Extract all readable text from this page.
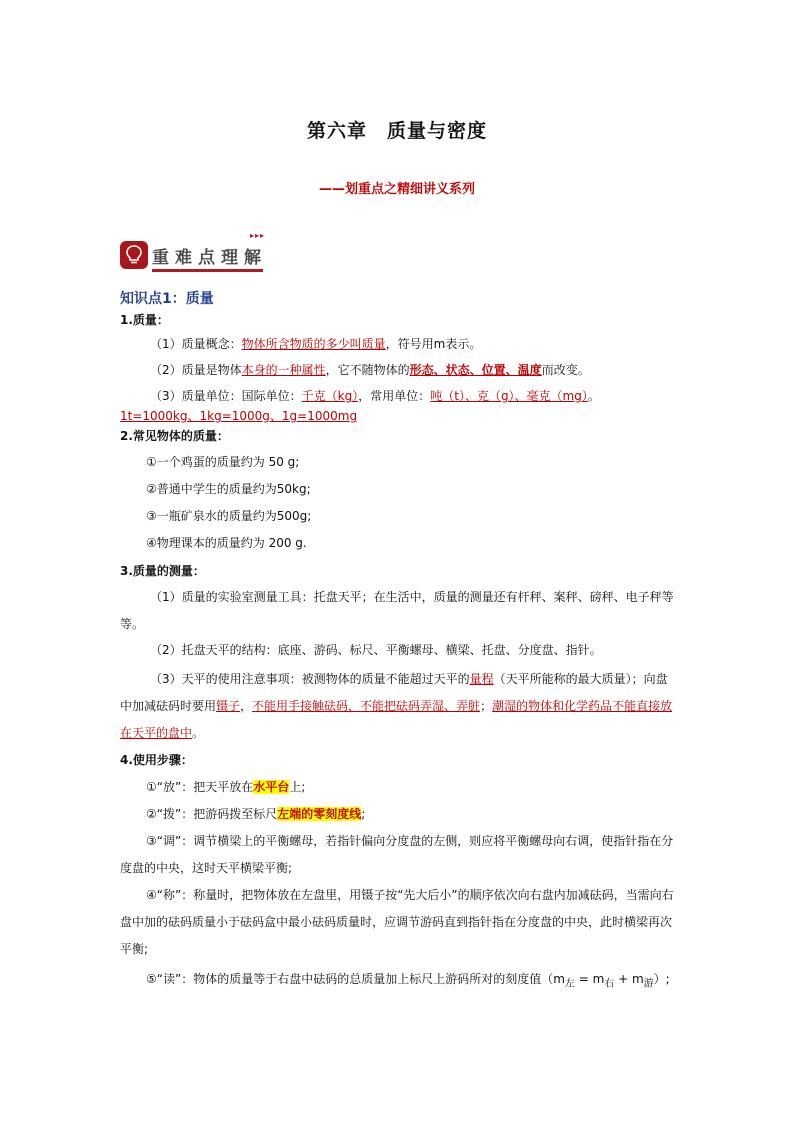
第六章　质量与密度
——划重点之精细讲义系列
重难点理解
▸▸▸
知识点1：质量
1.质量：
（1）质量概念：物体所含物质的多少叫质量，符号用m表示。
（2）质量是物体本身的一种属性，它不随物体的形态、状态、位置、温度而改变。
（3）质量单位：国际单位：千克（kg），常用单位：吨（t）、克（g）、毫克（mg）。
1t=1000kg、1kg=1000g、1g=1000mg
2.常见物体的质量：
①一个鸡蛋的质量约为 50 g;
②普通中学生的质量约为50kg;
③一瓶矿泉水的质量约为500g;
④物理课本的质量约为 200 g.
3.质量的测量：
（1）质量的实验室测量工具：托盘天平；在生活中，质量的测量还有杆秤、案秤、磅秤、电子秤等等。
（2）托盘天平的结构：底座、游码、标尺、平衡螺母、横梁、托盘、分度盘、指针。
（3）天平的使用注意事项：被测物体的质量不能超过天平的量程（天平所能称的最大质量）；向盘中加减砝码时要用镊子，不能用手接触砝码，不能把砝码弄湿、弄脏；潮湿的物体和化学药品不能直接放在天平的盘中。
4.使用步骤：
①“放”：把天平放在水平台上;
②“拨”：把游码拨至标尺左端的零刻度线;
③“调”：调节横梁上的平衡螺母，若指针偏向分度盘的左侧，则应将平衡螺母向右调，使指针指在分度盘的中央，这时天平横梁平衡;
④“称”：称量时，把物体放在左盘里，用镊子按“先大后小”的顺序依次向右盘内加减砝码，当需向右盘中加的砝码质量小于砝码盒中最小砝码质量时，应调节游码直到指针指在分度盘的中央，此时横梁再次平衡;
⑤“读”：物体的质量等于右盘中砝码的总质量加上标尺上游码所对的刻度值$(m_左 = m_右 + m_游)$;
